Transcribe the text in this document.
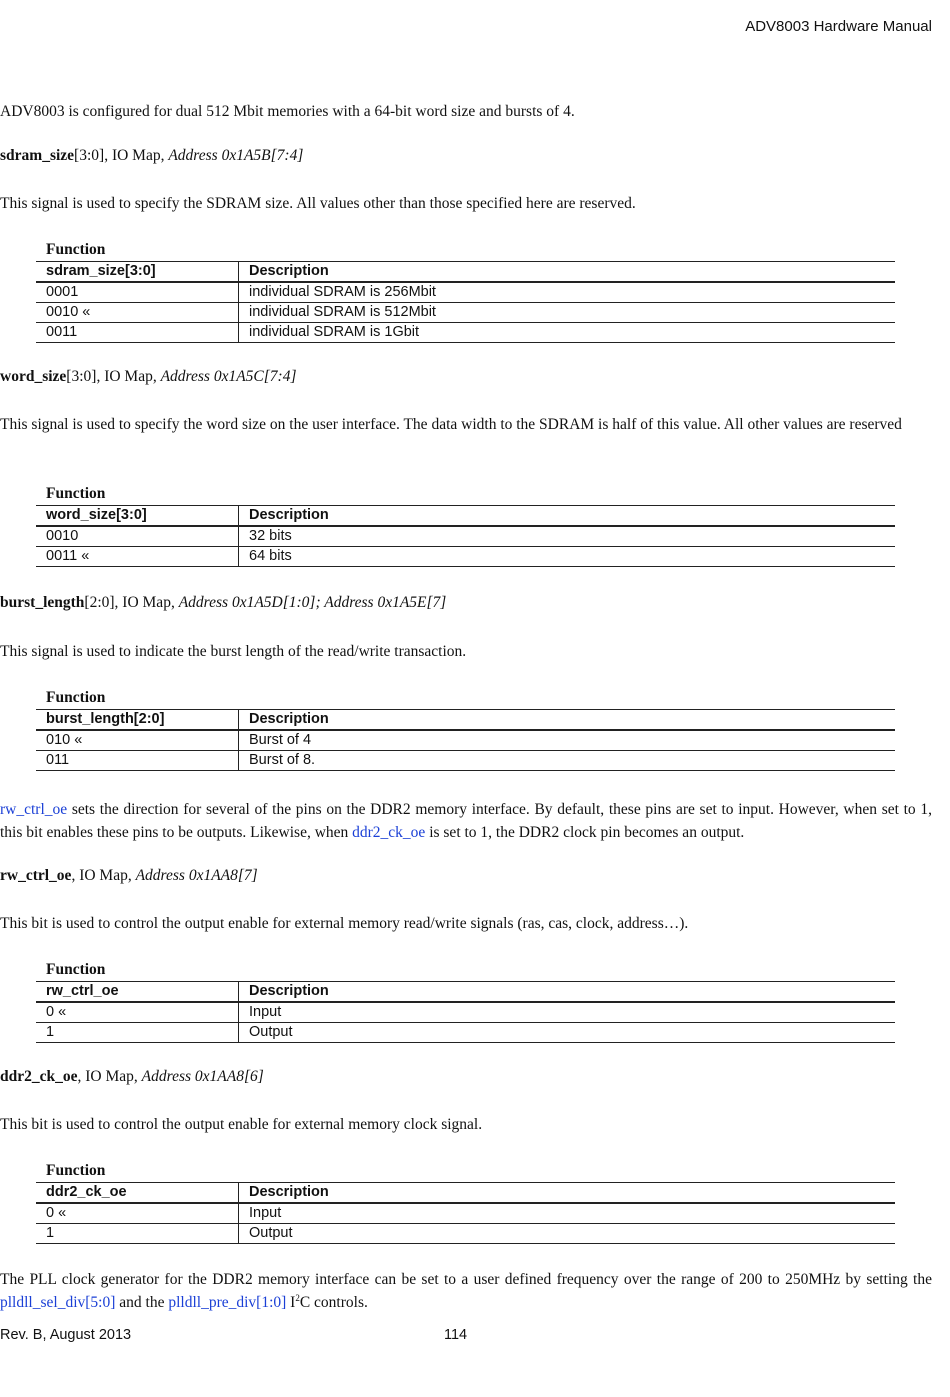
ADV8003 Hardware Manual
ADV8003 is configured for dual 512 Mbit memories with a 64-bit word size and bursts of 4.
sdram_size[3:0], IO Map, Address 0x1A5B[7:4]
This signal is used to specify the SDRAM size. All values other than those specified here are reserved.
Function
sdram_size[3:0]	Description
0001	individual SDRAM is 256Mbit
0010 «	individual SDRAM is 512Mbit
0011	individual SDRAM is 1Gbit
word_size[3:0], IO Map, Address 0x1A5C[7:4]
This signal is used to specify the word size on the user interface. The data width to the SDRAM is half of this value. All other values are reserved
Function
word_size[3:0]	Description
0010	32 bits
0011 «	64 bits
burst_length[2:0], IO Map, Address 0x1A5D[1:0]; Address 0x1A5E[7]
This signal is used to indicate the burst length of the read/write transaction.
Function
burst_length[2:0]	Description
010 «	Burst of 4
011	Burst of 8.
rw_ctrl_oe sets the direction for several of the pins on the DDR2 memory interface. By default, these pins are set to input. However, when set to 1, this bit enables these pins to be outputs. Likewise, when ddr2_ck_oe is set to 1, the DDR2 clock pin becomes an output.
rw_ctrl_oe, IO Map, Address 0x1AA8[7]
This bit is used to control the output enable for external memory read/write signals (ras, cas, clock, address…).
Function
rw_ctrl_oe	Description
0 «	Input
1	Output
ddr2_ck_oe, IO Map, Address 0x1AA8[6]
This bit is used to control the output enable for external memory clock signal.
Function
ddr2_ck_oe	Description
0 «	Input
1	Output
The PLL clock generator for the DDR2 memory interface can be set to a user defined frequency over the range of 200 to 250MHz by setting the plldll_sel_div[5:0] and the plldll_pre_div[1:0] $I^2C$ controls.
Rev. B, August 2013	114
